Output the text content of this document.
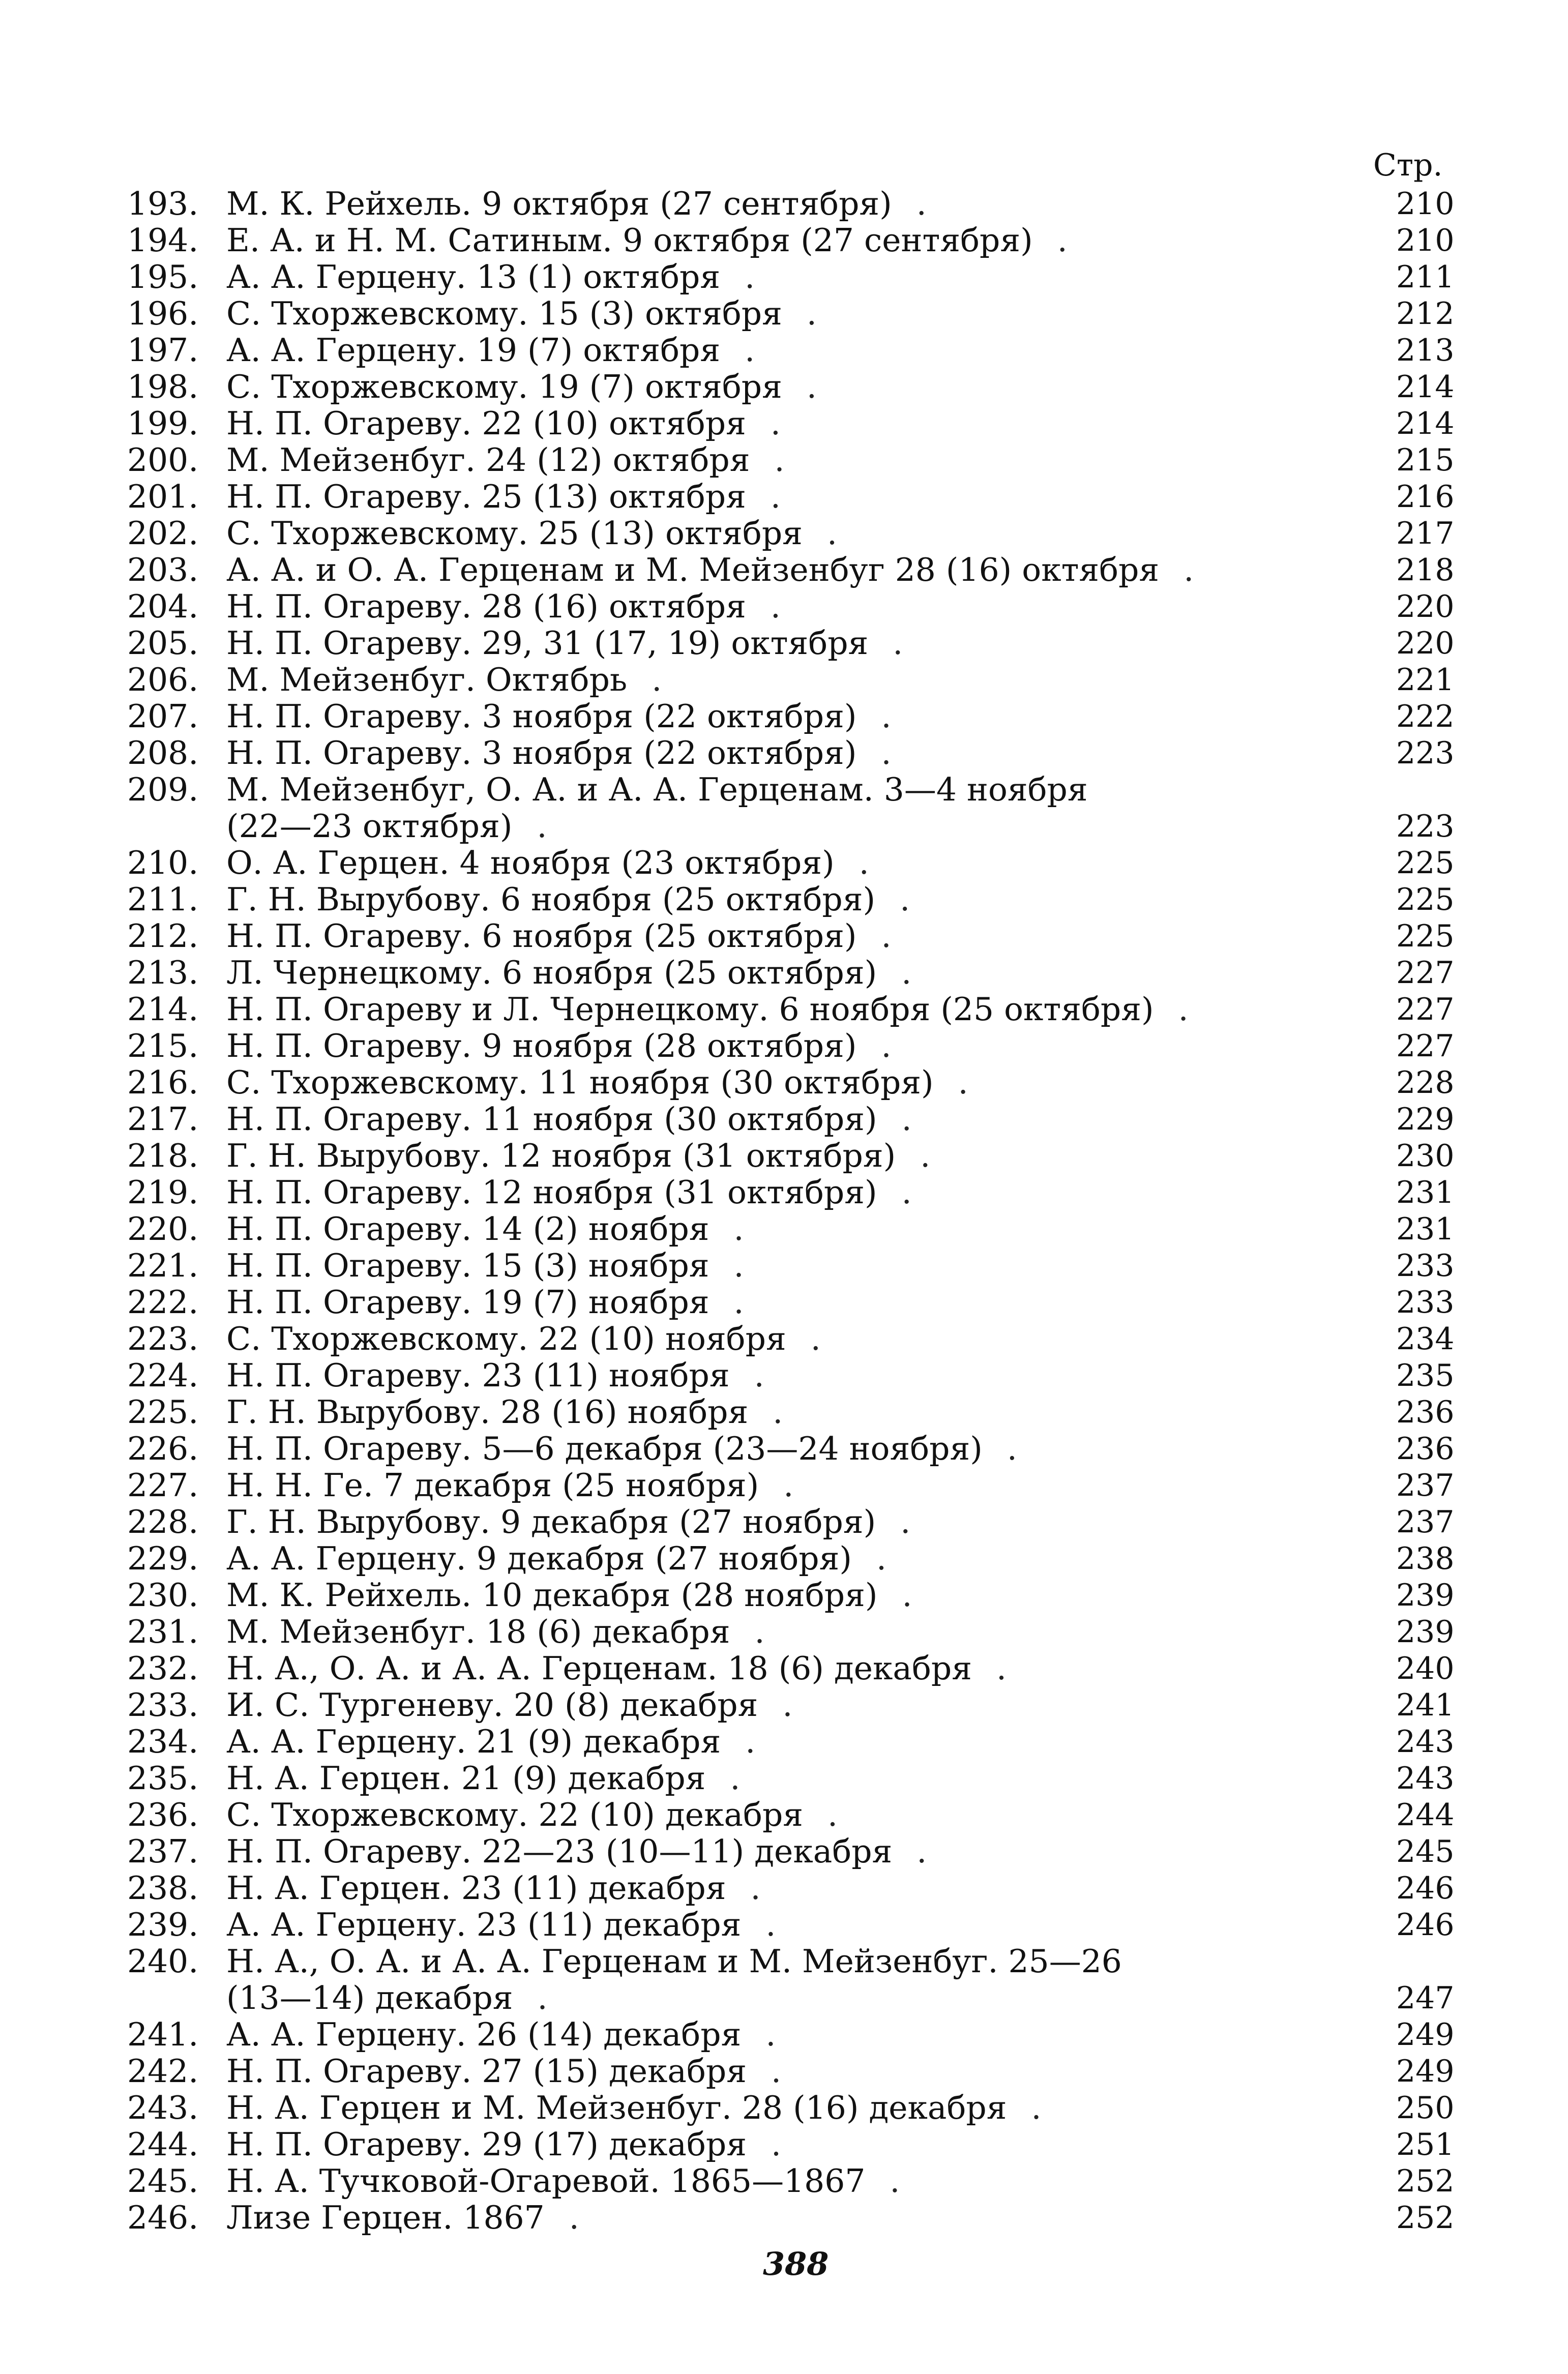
Стр.
193. М. К. Рейхель. 9 октября (27 сентября) .	210
194. Е. А. и Н. М. Сатиным. 9 октября (27 сентября) .	210
195. А. А. Герцену. 13 (1) октября .	211
196. С. Тхоржевскому. 15 (3) октября .	212
197. А. А. Герцену. 19 (7) октября .	213
198. С. Тхоржевскому. 19 (7) октября .	214
199. Н. П. Огареву. 22 (10) октября .	214
200. М. Мейзенбуг. 24 (12) октября .	215
201. Н. П. Огареву. 25 (13) октября .	216
202. С. Тхоржевскому. 25 (13) октября .	217
203. А. А. и О. А. Герценам и М. Мейзенбуг 28 (16) октября .	218
204. Н. П. Огареву. 28 (16) октября .	220
205. Н. П. Огареву. 29, 31 (17, 19) октября .	220
206. М. Мейзенбуг. Октябрь .	221
207. Н. П. Огареву. 3 ноября (22 октября) .	222
208. Н. П. Огареву. 3 ноября (22 октября) .	223
209. М. Мейзенбуг, О. А. и А. А. Герценам. 3—4 ноября
(22—23 октября) .	223
210. О. А. Герцен. 4 ноября (23 октября) .	225
211. Г. Н. Вырубову. 6 ноября (25 октября) .	225
212. Н. П. Огареву. 6 ноября (25 октября) .	225
213. Л. Чернецкому. 6 ноября (25 октября) .	227
214. Н. П. Огареву и Л. Чернецкому. 6 ноября (25 октября) .	227
215. Н. П. Огареву. 9 ноября (28 октября) .	227
216. С. Тхоржевскому. 11 ноября (30 октября) .	228
217. Н. П. Огареву. 11 ноября (30 октября) .	229
218. Г. Н. Вырубову. 12 ноября (31 октября) .	230
219. Н. П. Огареву. 12 ноября (31 октября) .	231
220. Н. П. Огареву. 14 (2) ноября .	231
221. Н. П. Огареву. 15 (3) ноября .	233
222. Н. П. Огареву. 19 (7) ноября .	233
223. С. Тхоржевскому. 22 (10) ноября .	234
224. Н. П. Огареву. 23 (11) ноября .	235
225. Г. Н. Вырубову. 28 (16) ноября .	236
226. Н. П. Огареву. 5—6 декабря (23—24 ноября) .	236
227. Н. Н. Ге. 7 декабря (25 ноября) .	237
228. Г. Н. Вырубову. 9 декабря (27 ноября) .	237
229. А. А. Герцену. 9 декабря (27 ноября) .	238
230. М. К. Рейхель. 10 декабря (28 ноября) .	239
231. М. Мейзенбуг. 18 (6) декабря .	239
232. Н. А., О. А. и А. А. Герценам. 18 (6) декабря .	240
233. И. С. Тургеневу. 20 (8) декабря .	241
234. А. А. Герцену. 21 (9) декабря .	243
235. Н. А. Герцен. 21 (9) декабря .	243
236. С. Тхоржевскому. 22 (10) декабря .	244
237. Н. П. Огареву. 22—23 (10—11) декабря .	245
238. Н. А. Герцен. 23 (11) декабря .	246
239. А. А. Герцену. 23 (11) декабря .	246
240. Н. А., О. А. и А. А. Герценам и М. Мейзенбуг. 25—26
(13—14) декабря .	247
241. А. А. Герцену. 26 (14) декабря .	249
242. Н. П. Огареву. 27 (15) декабря .	249
243. Н. А. Герцен и М. Мейзенбуг. 28 (16) декабря .	250
244. Н. П. Огареву. 29 (17) декабря .	251
245. Н. А. Тучковой-Огаревой. 1865—1867 .	252
246. Лизе Герцен. 1867 .	252
388
